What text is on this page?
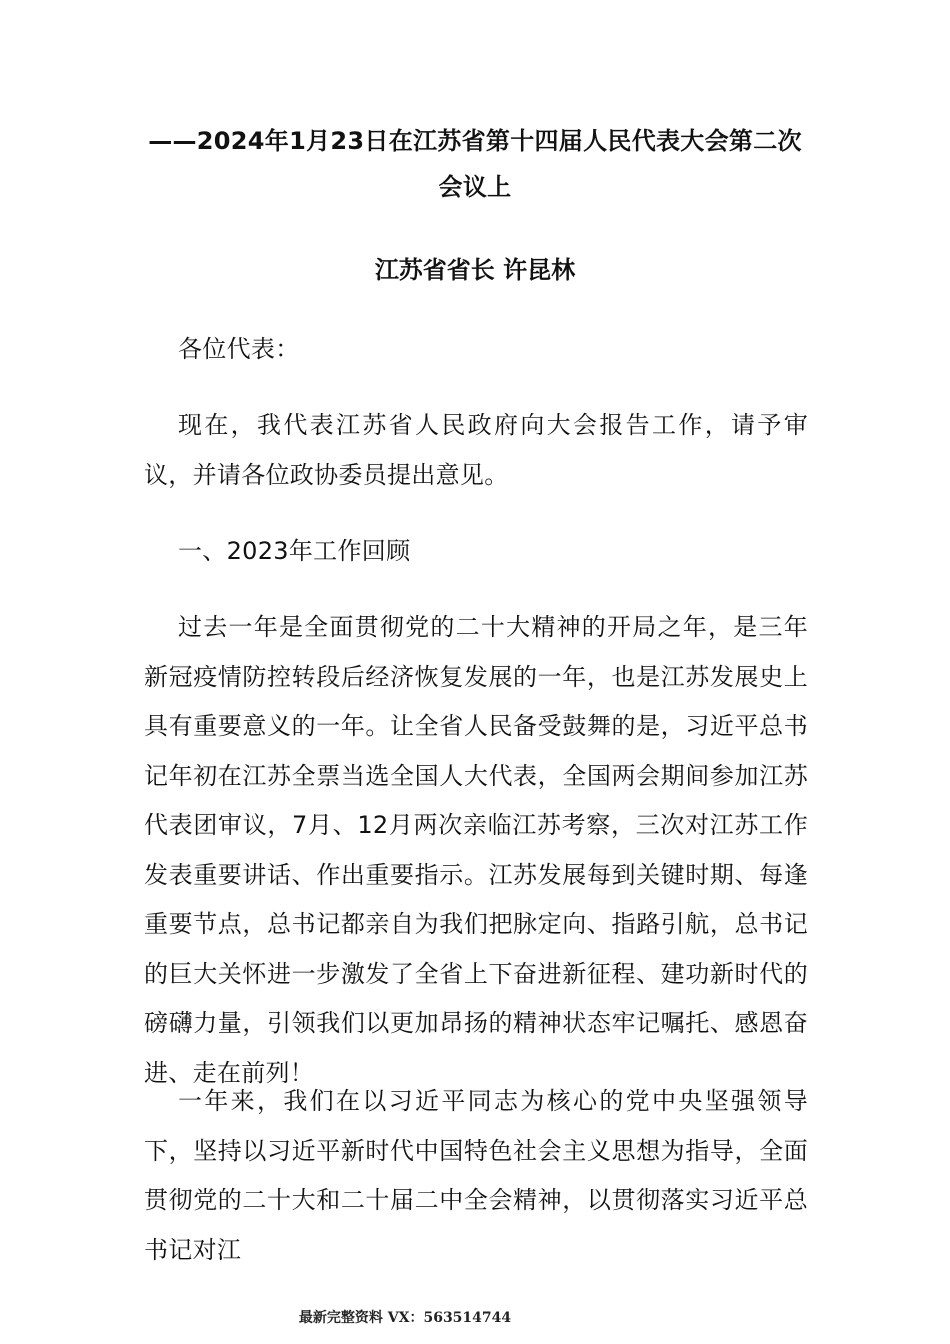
——2024年1月23日在江苏省第十四届人民代表大会第二次会议上
江苏省省长 许昆林
各位代表：
现在，我代表江苏省人民政府向大会报告工作，请予审议，并请各位政协委员提出意见。
一、2023年工作回顾
过去一年是全面贯彻党的二十大精神的开局之年，是三年新冠疫情防控转段后经济恢复发展的一年，也是江苏发展史上具有重要意义的一年。让全省人民备受鼓舞的是，习近平总书记年初在江苏全票当选全国人大代表，全国两会期间参加江苏代表团审议，7月、12月两次亲临江苏考察，三次对江苏工作发表重要讲话、作出重要指示。江苏发展每到关键时期、每逢重要节点，总书记都亲自为我们把脉定向、指路引航，总书记的巨大关怀进一步激发了全省上下奋进新征程、建功新时代的磅礴力量，引领我们以更加昂扬的精神状态牢记嘱托、感恩奋进、走在前列！
一年来，我们在以习近平同志为核心的党中央坚强领导下，坚持以习近平新时代中国特色社会主义思想为指导，全面贯彻党的二十大和二十届二中全会精神，以贯彻落实习近平总书记对江
最新完整资料 VX：563514744
